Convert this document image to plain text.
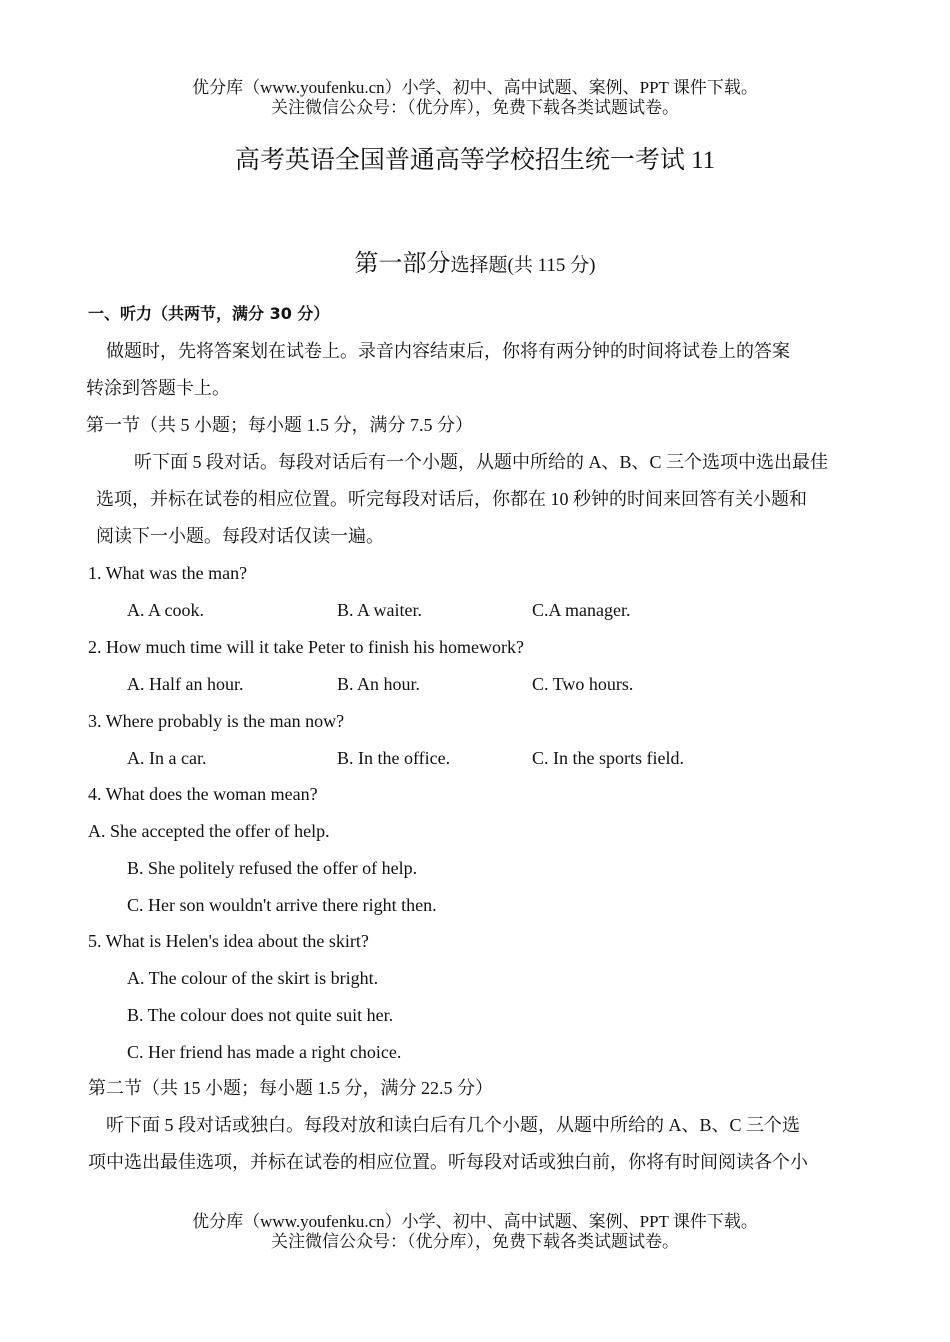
优分库（www.youfenku.cn）小学、初中、高中试题、案例、PPT 课件下载。
关注微信公众号：（优分库），免费下载各类试题试卷。
高考英语全国普通高等学校招生统一考试 11
第一部分选择题(共 115 分)
一、听力（共两节，满分 30 分）
做题时，先将答案划在试卷上。录音内容结束后，你将有两分钟的时间将试卷上的答案
转涂到答题卡上。
第一节（共 5 小题；每小题 1.5 分，满分 7.5 分）
听下面 5 段对话。每段对话后有一个小题，从题中所给的 A、B、C 三个选项中选出最佳
选项，并标在试卷的相应位置。听完每段对话后，你都在 10 秒钟的时间来回答有关小题和
阅读下一小题。每段对话仅读一遍。
1. What was the man?
A. A cook.	B. A waiter.	C.A manager.
2. How much time will it take Peter to finish his homework?
A. Half an hour.	B. An hour.	C. Two hours.
3. Where probably is the man now?
A. In a car.	B. In the office.	C. In the sports field.
4. What does the woman mean?
A. She accepted the offer of help.
B. She politely refused the offer of help.
C. Her son wouldn't arrive there right then.
5. What is Helen's idea about the skirt?
A. The colour of the skirt is bright.
B. The colour does not quite suit her.
C. Her friend has made a right choice.
第二节（共 15 小题；每小题 1.5 分，满分 22.5 分）
听下面 5 段对话或独白。每段对放和读白后有几个小题，从题中所给的 A、B、C 三个选
项中选出最佳选项，并标在试卷的相应位置。听每段对话或独白前，你将有时间阅读各个小
优分库（www.youfenku.cn）小学、初中、高中试题、案例、PPT 课件下载。
关注微信公众号：（优分库），免费下载各类试题试卷。
